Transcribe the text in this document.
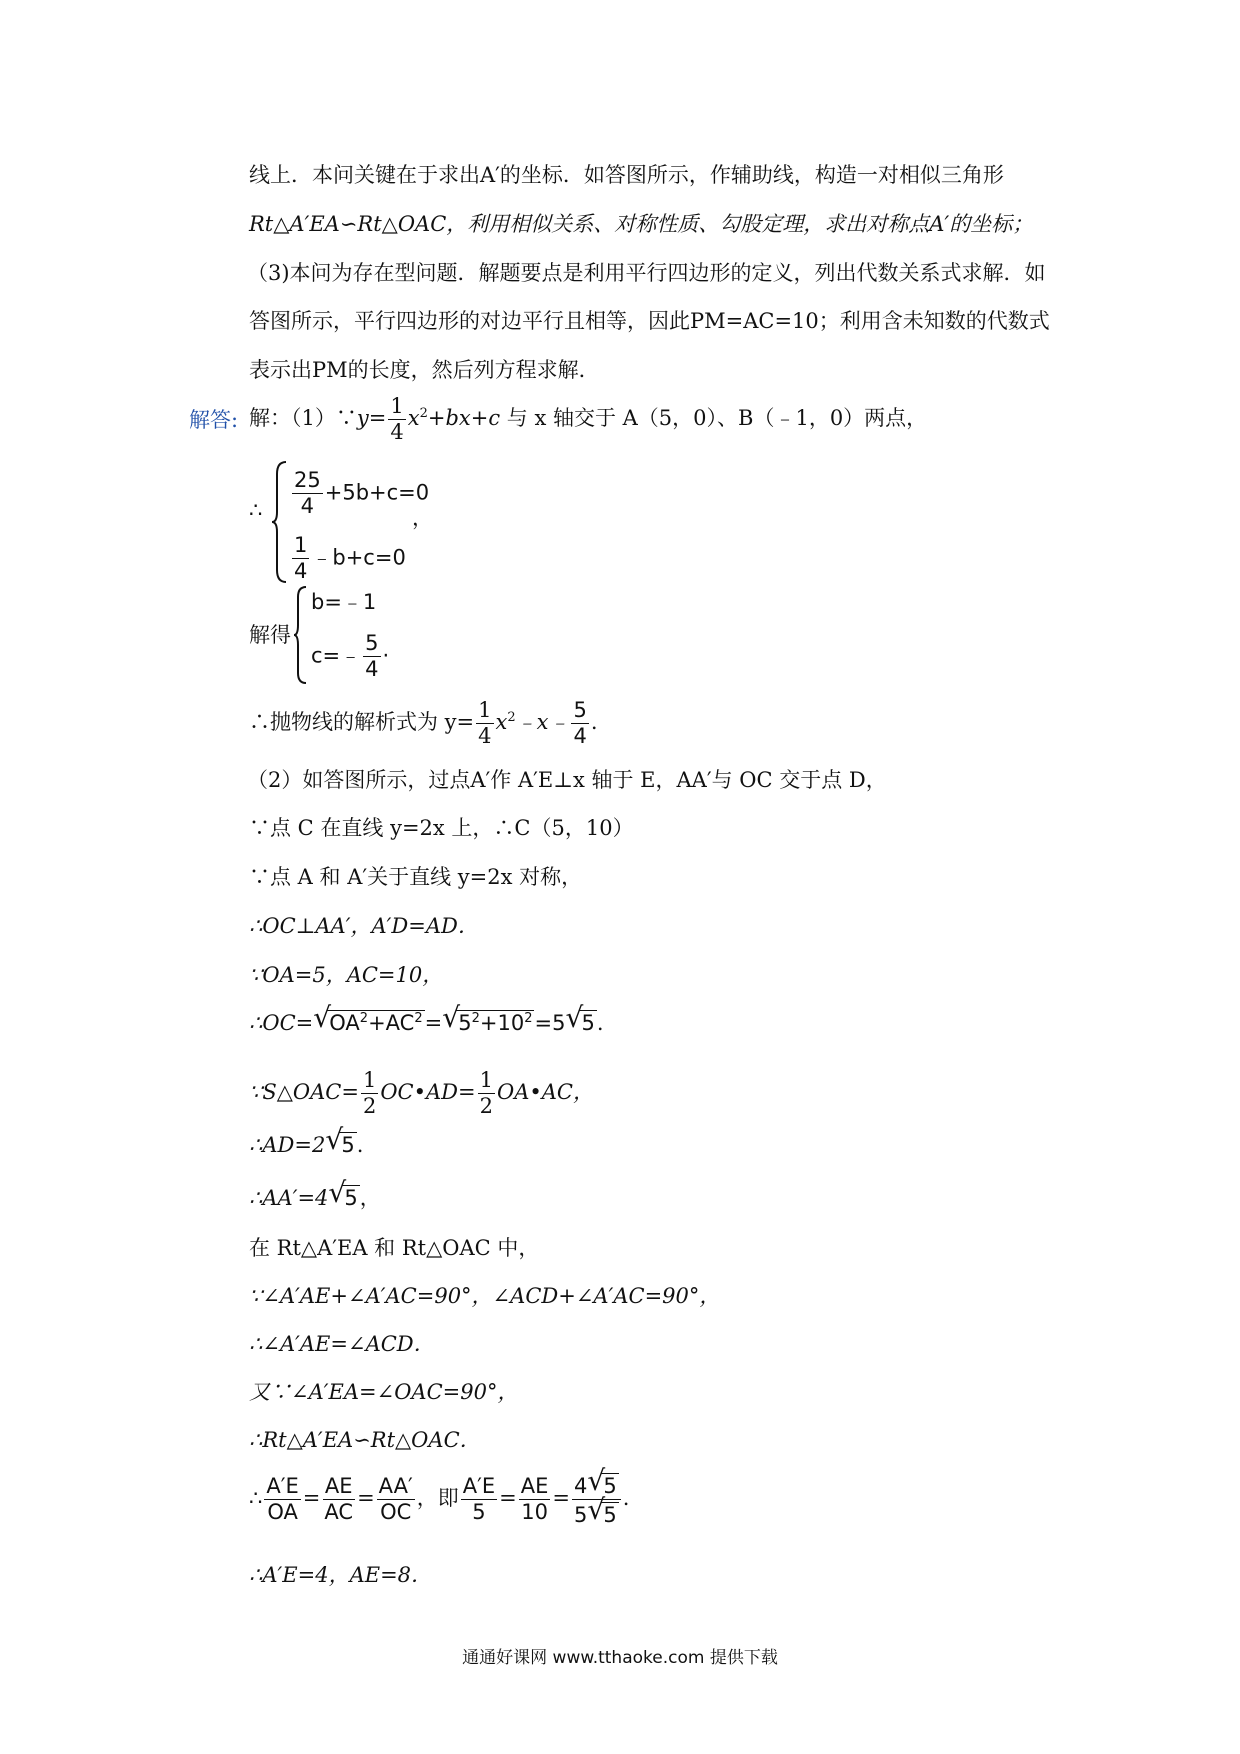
线上．本问关键在于求出A′的坐标．如答图所示，作辅助线，构造一对相似三角形
Rt△A′EA∽Rt△OAC，利用相似关系、对称性质、勾股定理，求出对称点A′的坐标；
（3)本问为存在型问题．解题要点是利用平行四边形的定义，列出代数关系式求解．如
答图所示，平行四边形的对边平行且相等，因此PM=AC=10；利用含未知数的代数式
表示出PM的长度，然后列方程求解．
解答: 解：（1）∵y= $\frac{1}{4} x^2+bx+c$ 与 x 轴交于 A（5，0）、B（﹣1，0）两点，
∴ $\frac{25}{4} +5b+c=0$
，
$\frac{1}{4}$ ﹣b+c=0
解得
b=﹣1
c=﹣ $\frac{5}{4}$ ·
∴抛物线的解析式为 $y= \frac{1}{4}$ $x^2﹣x﹣ \frac{5}{4}$ .
（2）如答图所示，过点A′作 A′E⊥x 轴于 E，AA′与 OC 交于点 D，
∵点 C 在直线 y=2x 上，∴C（5，10）
∵点 A 和 A′关于直线 y=2x 对称，
∴OC⊥AA′，A′D=AD．
∵OA=5，AC=10，
∴OC=√ $OA^2+AC^2=√$ $5^2+10^2=5√$ 5.
∵S△OAC= $\frac{1}{2}$ OC•AD= $\frac{1}{2}$ OA•AC，
∴AD=2√ 5.
∴AA′=4√ 5，
在 Rt△A′EA 和 Rt△OAC 中，
∵∠A′AE+∠A′AC=90°，∠ACD+∠A′AC=90°，
∴∠A′AE=∠ACD．
又∵∠A′EA=∠OAC=90°，
∴Rt△A′EA∽Rt△OAC．
∴ $\frac{A'E}{OA} = \frac{AE}{AC} = \frac{AA'}{OC}$ ，即 $\frac{A'E}{5} = \frac{AE}{10} = \frac{4√ 5}{5√ 5}$ .
∴A′E=4，AE=8．
通通好课网 www.tthaoke.com 提供下载
